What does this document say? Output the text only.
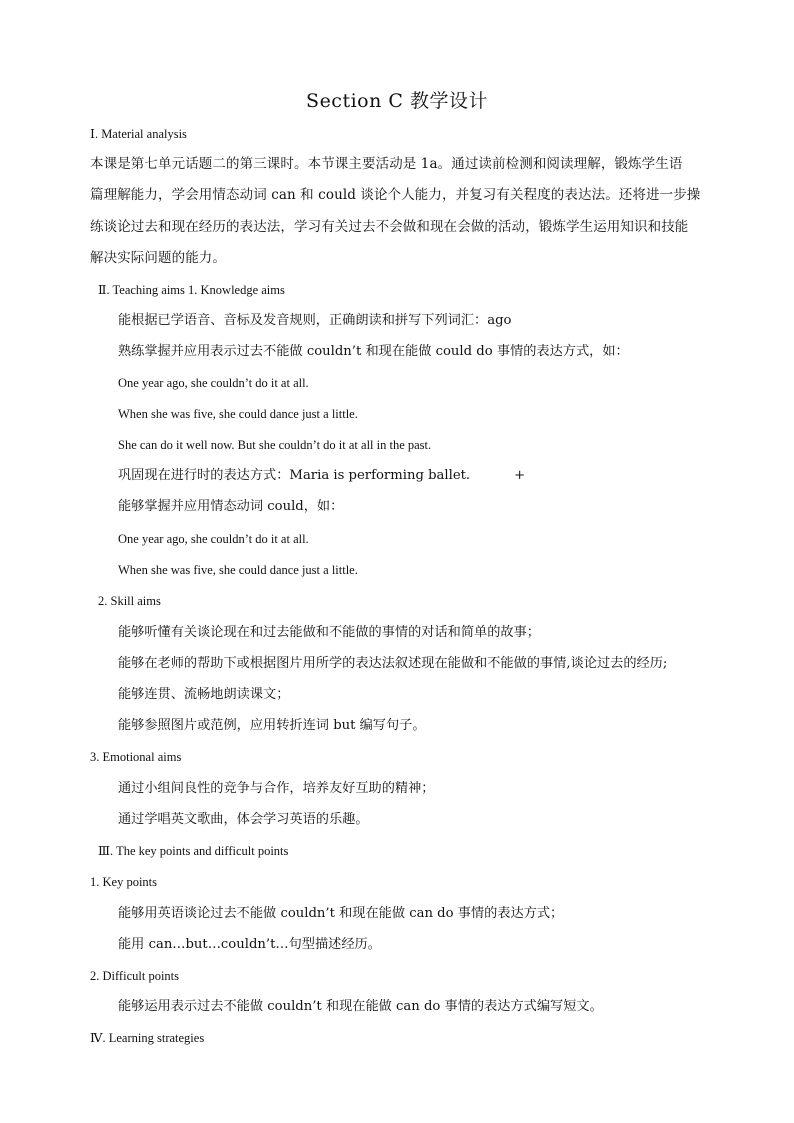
Section C 教学设计
Ⅰ. Material analysis
本课是第七单元话题二的第三课时。本节课主要活动是 1a。通过读前检测和阅读理解，锻炼学生语
篇理解能力，学会用情态动词 can 和 could 谈论个人能力，并复习有关程度的表达法。还将进一步操
练谈论过去和现在经历的表达法，学习有关过去不会做和现在会做的活动，锻炼学生运用知识和技能
解决实际问题的能力。
Ⅱ. Teaching aims 1. Knowledge aims
能根据已学语音、音标及发音规则，正确朗读和拼写下列词汇：ago
熟练掌握并应用表示过去不能做 couldn’t 和现在能做 could do 事情的表达方式，如：
One year ago, she couldn’t do it at all.
When she was five, she could dance just a little.
She can do it well now. But she couldn’t do it at all in the past.
巩固现在进行时的表达方式：Maria is performing ballet.	+
能够掌握并应用情态动词 could，如：
One year ago, she couldn’t do it at all.
When she was five, she could dance just a little.
2. Skill aims
能够听懂有关谈论现在和过去能做和不能做的事情的对话和简单的故事；
能够在老师的帮助下或根据图片用所学的表达法叙述现在能做和不能做的事情,谈论过去的经历;
能够连贯、流畅地朗读课文；
能够参照图片或范例，应用转折连词 but 编写句子。
3. Emotional aims
通过小组间良性的竞争与合作，培养友好互助的精神；
通过学唱英文歌曲，体会学习英语的乐趣。
Ⅲ. The key points and difficult points
1. Key points
能够用英语谈论过去不能做 couldn’t 和现在能做 can do 事情的表达方式；
能用 can…but…couldn’t…句型描述经历。
2. Difficult points
能够运用表示过去不能做 couldn’t 和现在能做 can do 事情的表达方式编写短文。
Ⅳ. Learning strategies
